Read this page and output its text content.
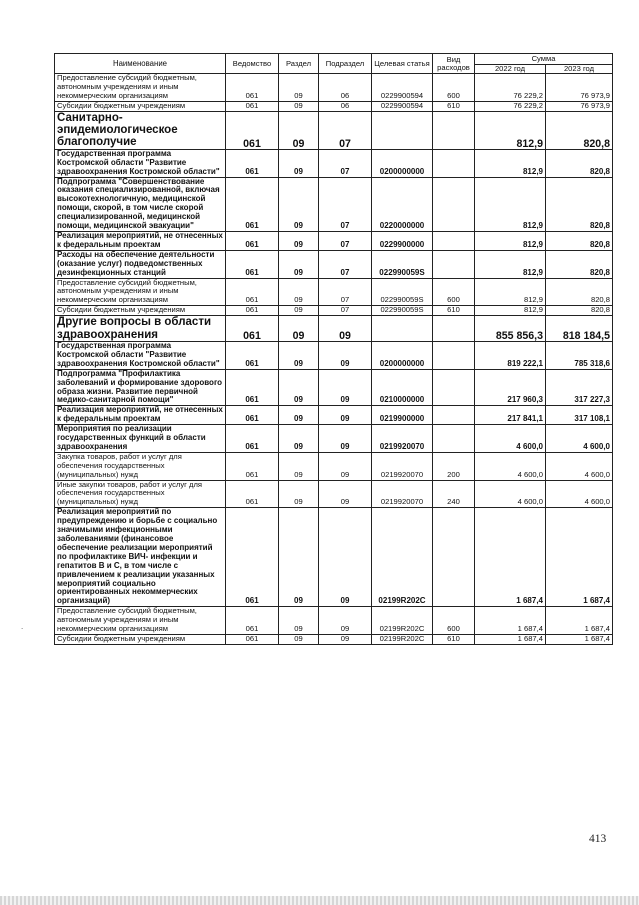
Наименование	Ведомство	Раздел	Подраздел	Целевая статья	Вид расходов	Сумма	
						2022 год	2023 год
Предоставление субсидий бюджетным, автономным учреждениям и иным некоммерческим организациям	061	09	06	0229900594	600	76 229,2	76 973,9
Субсидии бюджетным учреждениям	061	09	06	0229900594	610	76 229,2	76 973,9
Санитарно-эпидемиологическое благополучие	061	09	07			812,9	820,8
Государственная программа Костромской области "Развитие здравоохранения Костромской области"	061	09	07	0200000000		812,9	820,8
Подпрограмма "Совершенствование оказания специализированной, включая высокотехнологичную, медицинской помощи, скорой, в том числе скорой специализированной, медицинской помощи, медицинской эвакуации"	061	09	07	0220000000		812,9	820,8
Реализация мероприятий, не отнесенных к федеральным проектам	061	09	07	0229900000		812,9	820,8
Расходы на обеспечение деятельности (оказание услуг) подведомственных дезинфекционных станций	061	09	07	022990059S		812,9	820,8
Предоставление субсидий бюджетным, автономным учреждениям и иным некоммерческим организациям	061	09	07	022990059S	600	812,9	820,8
Субсидии бюджетным учреждениям	061	09	07	022990059S	610	812,9	820,8
Другие вопросы в области здравоохранения	061	09	09			855 856,3	818 184,5
Государственная программа Костромской области "Развитие здравоохранения Костромской области"	061	09	09	0200000000		819 222,1	785 318,6
Подпрограмма "Профилактика заболеваний и формирование здорового образа жизни. Развитие первичной медико-санитарной помощи"	061	09	09	0210000000		217 960,3	317 227,3
Реализация мероприятий, не отнесенных к федеральным проектам	061	09	09	0219900000		217 841,1	317 108,1
Мероприятия по реализации государственных функций в области здравоохранения	061	09	09	0219920070		4 600,0	4 600,0
Закупка товаров, работ и услуг для обеспечения государственных (муниципальных) нужд	061	09	09	0219920070	200	4 600,0	4 600,0
Иные закупки товаров, работ и услуг для обеспечения государственных (муниципальных) нужд	061	09	09	0219920070	240	4 600,0	4 600,0
Реализация мероприятий по предупреждению и борьбе с социально значимыми инфекционными заболеваниями (финансовое обеспечение реализации мероприятий по профилактике ВИЧ- инфекции и гепатитов В и С, в том числе с привлечением к реализации указанных мероприятий социально ориентированных некоммерческих организаций)	061	09	09	02199R202C		1 687,4	1 687,4
Предоставление субсидий бюджетным, автономным учреждениям и иным некоммерческим организациям	061	09	09	02199R202C	600	1 687,4	1 687,4
Субсидии бюджетным учреждениям	061	09	09	02199R202C	610	1 687,4	1 687,4
.
413
